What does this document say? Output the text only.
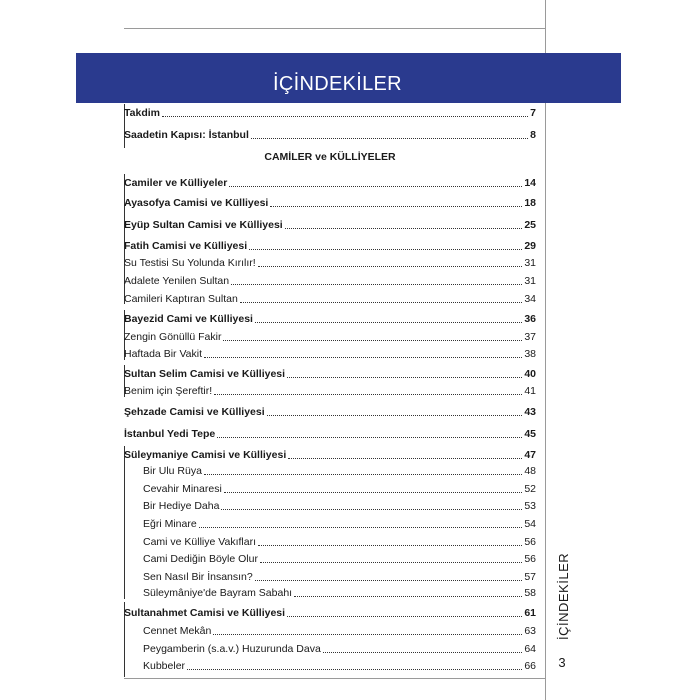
İÇİNDEKİLER
CAMİLER ve KÜLLİYELER
Takdim	7
Saadetin Kapısı: İstanbul	8
Camiler ve Külliyeler	14
Ayasofya Camisi ve Külliyesi	18
Eyüp Sultan Camisi ve Külliyesi	25
Fatih Camisi ve Külliyesi	29
Su Testisi Su Yolunda Kırılır!	31
Adalete Yenilen Sultan	31
Camileri Kaptıran Sultan	34
Bayezid Cami ve Külliyesi	36
Zengin Gönüllü Fakir	37
Haftada Bir Vakit	38
Sultan Selim Camisi ve Külliyesi	40
Benim için Şereftir!	41
Şehzade Camisi ve Külliyesi	43
İstanbul Yedi Tepe	45
Süleymaniye Camisi ve Külliyesi	47
Bir Ulu Rüya	48
Cevahir Minaresi	52
Bir Hediye Daha	53
Eğri Minare	54
Cami ve Külliye Vakıfları	56
Cami Dediğin Böyle Olur	56
Sen Nasıl Bir İnsansın?	57
Süleymâniye'de Bayram Sabahı	58
Sultanahmet Camisi ve Külliyesi	61
Cennet Mekân	63
Peygamberin (s.a.v.) Huzurunda Dava	64
Kubbeler	66
İÇİNDEKİLER
3
